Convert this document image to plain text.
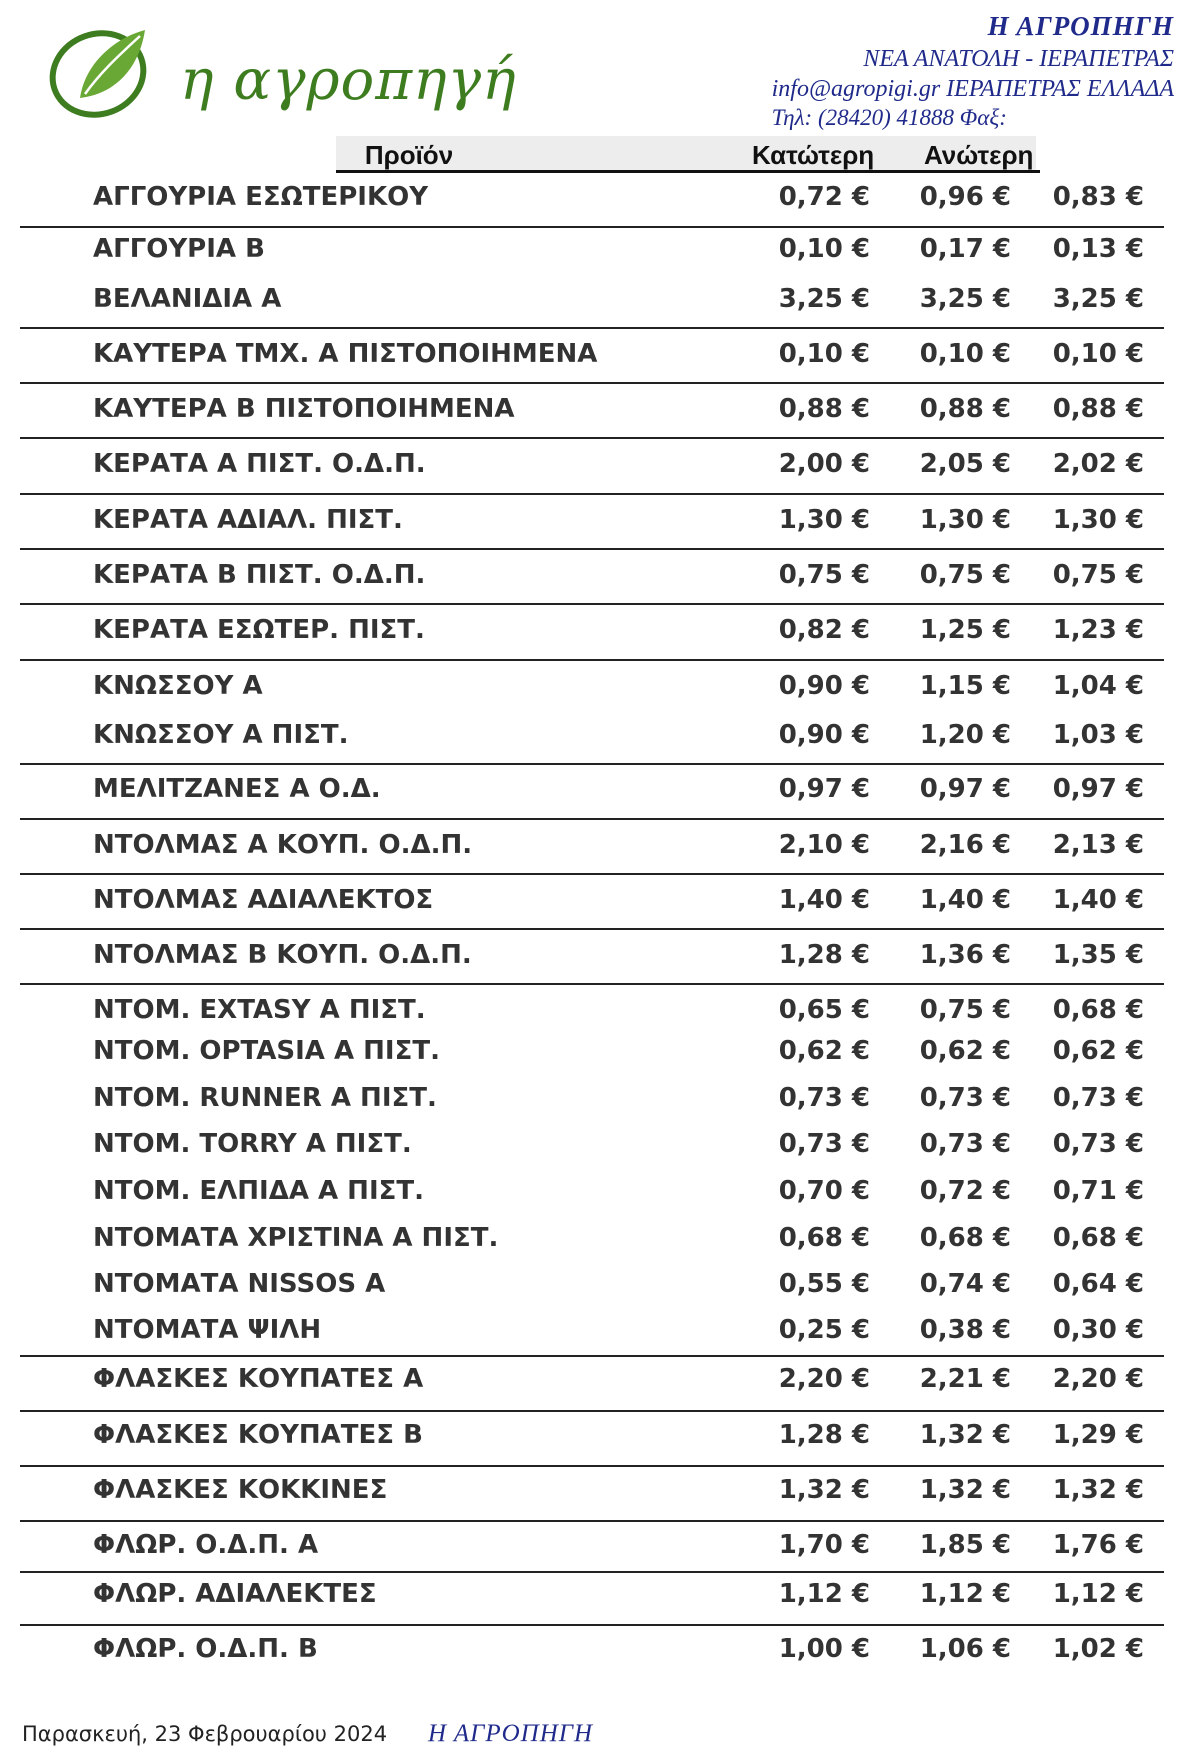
η αγροπηγή
Η ΑΓΡΟΠΗΓΗ
ΝΕΑ ΑΝΑΤΟΛΗ - ΙΕΡΑΠΕΤΡΑΣ
info@agropigi.gr ΙΕΡΑΠΕΤΡΑΣ ΕΛΛΑΔΑ
Τηλ: (28420) 41888 Φαξ:
Προϊόν	Κατώτερη Ανώτερη
ΑΓΓΟΥΡΙΑ ΕΣΩΤΕΡΙΚΟΥ	0,72 € 0,96 € 0,83 €
ΑΓΓΟΥΡΙΑ Β	0,10 € 0,17 € 0,13 €
ΒΕΛΑΝΙΔΙΑ Α	3,25 € 3,25 € 3,25 €
ΚΑΥΤΕΡΑ ΤΜΧ. Α ΠΙΣΤΟΠΟΙΗΜΕΝΑ	0,10 € 0,10 € 0,10 €
ΚΑΥΤΕΡΑ Β ΠΙΣΤΟΠΟΙΗΜΕΝΑ	0,88 € 0,88 € 0,88 €
ΚΕΡΑΤΑ Α ΠΙΣΤ. Ο.Δ.Π.	2,00 € 2,05 € 2,02 €
ΚΕΡΑΤΑ ΑΔΙΑΛ. ΠΙΣΤ.	1,30 € 1,30 € 1,30 €
ΚΕΡΑΤΑ Β ΠΙΣΤ. Ο.Δ.Π.	0,75 € 0,75 € 0,75 €
ΚΕΡΑΤΑ ΕΣΩΤΕΡ. ΠΙΣΤ.	0,82 € 1,25 € 1,23 €
ΚΝΩΣΣΟΥ Α	0,90 € 1,15 € 1,04 €
ΚΝΩΣΣΟΥ Α ΠΙΣΤ.	0,90 € 1,20 € 1,03 €
ΜΕΛΙΤΖΑΝΕΣ Α Ο.Δ.	0,97 € 0,97 € 0,97 €
ΝΤΟΛΜΑΣ Α ΚΟΥΠ. Ο.Δ.Π.	2,10 € 2,16 € 2,13 €
ΝΤΟΛΜΑΣ ΑΔΙΑΛΕΚΤΟΣ	1,40 € 1,40 € 1,40 €
ΝΤΟΛΜΑΣ Β ΚΟΥΠ. Ο.Δ.Π.	1,28 € 1,36 € 1,35 €
ΝΤΟΜ. EXTASY Α ΠΙΣΤ.	0,65 € 0,75 € 0,68 €
ΝΤΟΜ. OPTASIA Α ΠΙΣΤ.	0,62 € 0,62 € 0,62 €
ΝΤΟΜ. RUNNER Α ΠΙΣΤ.	0,73 € 0,73 € 0,73 €
ΝΤΟΜ. TORRY Α ΠΙΣΤ.	0,73 € 0,73 € 0,73 €
ΝΤΟΜ. ΕΛΠΙΔΑ Α ΠΙΣΤ.	0,70 € 0,72 € 0,71 €
ΝΤΟΜΑΤΑ ΧΡΙΣΤΙΝΑ Α ΠΙΣΤ.	0,68 € 0,68 € 0,68 €
ΝΤΟΜΑΤΑ NISSOS Α	0,55 € 0,74 € 0,64 €
ΝΤΟΜΑΤΑ ΨΙΛΗ	0,25 € 0,38 € 0,30 €
ΦΛΑΣΚΕΣ ΚΟΥΠΑΤΕΣ Α	2,20 € 2,21 € 2,20 €
ΦΛΑΣΚΕΣ ΚΟΥΠΑΤΕΣ Β	1,28 € 1,32 € 1,29 €
ΦΛΑΣΚΕΣ ΚΟΚΚΙΝΕΣ	1,32 € 1,32 € 1,32 €
ΦΛΩΡ. Ο.Δ.Π. Α	1,70 € 1,85 € 1,76 €
ΦΛΩΡ. ΑΔΙΑΛΕΚΤΕΣ	1,12 € 1,12 € 1,12 €
ΦΛΩΡ. Ο.Δ.Π. Β	1,00 € 1,06 € 1,02 €
Παρασκευή, 23 Φεβρουαρίου 2024 Η ΑΓΡΟΠΗΓΗ
